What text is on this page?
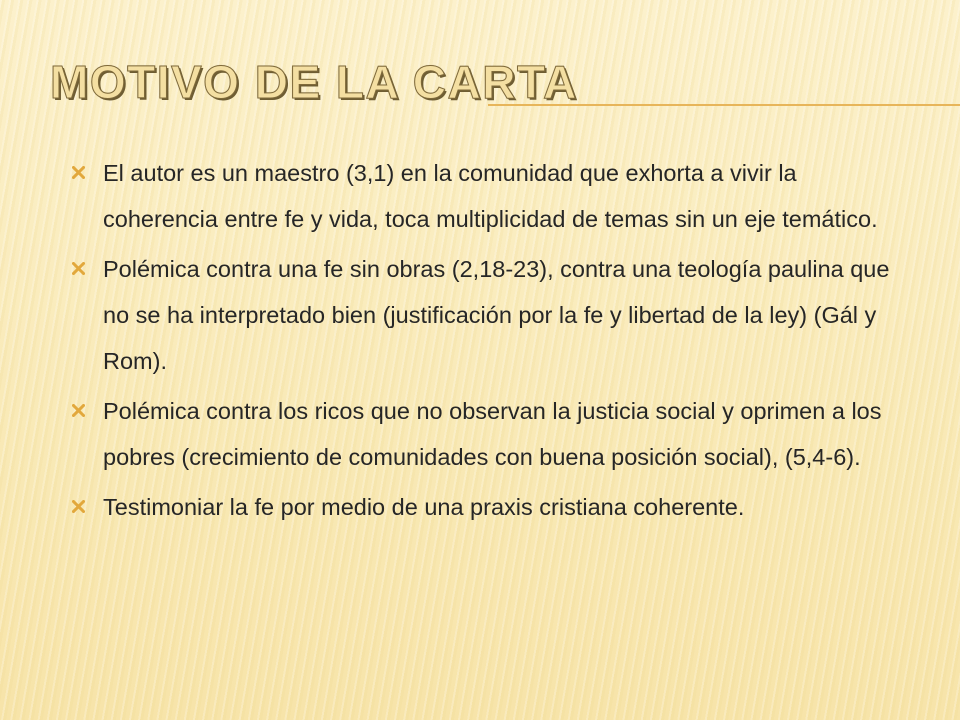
MOTIVO DE LA CARTA
El autor es un maestro (3,1) en la comunidad que exhorta a vivir la coherencia entre fe y vida, toca multiplicidad de temas sin un eje temático.
Polémica contra una fe sin obras (2,18-23), contra una teología paulina que no se ha interpretado bien (justificación por la fe y libertad de la ley) (Gál y Rom).
Polémica contra los ricos que no observan la justicia social y oprimen a los pobres (crecimiento de comunidades con buena posición social), (5,4-6).
Testimoniar la fe por medio de una praxis cristiana coherente.
